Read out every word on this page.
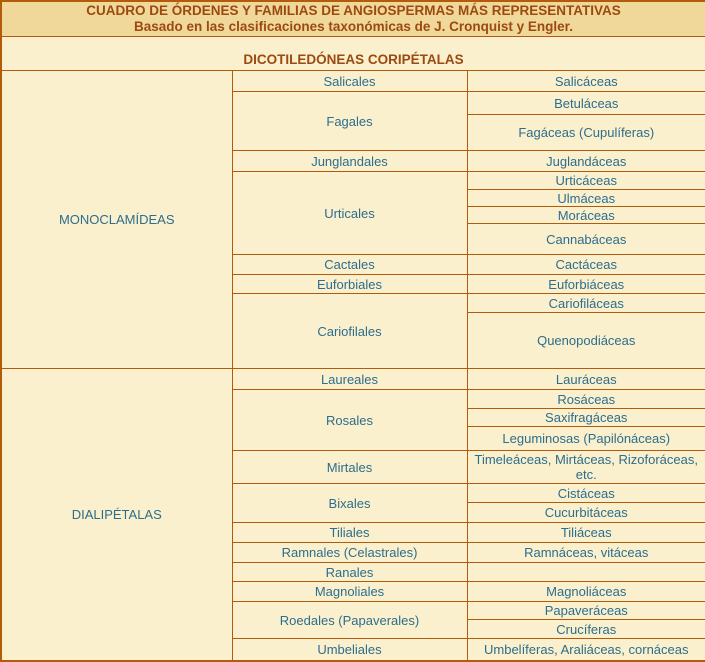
CUADRO DE ÓRDENES Y FAMILIAS DE ANGIOSPERMAS MÁS REPRESENTATIVAS
Basado en las clasificaciones taxonómicas de J. Cronquist y Engler.		

DICOTILEDÓNEAS CORIPÉTALAS		
MONOCLAMÍDEAS	Salicales	Salicáceas
	Fagales	Betuláceas
		Fagáceas (Cupulíferas)
	Junglandales	Juglandáceas
	Urticales	Urticáceas
		Ulmáceas
		Moráceas
		Cannabáceas
	Cactales	Cactáceas
	Euforbiales	Euforbiáceas
	Cariofilales	Cariofiláceas
		Quenopodiáceas
DIALIPÉTALAS	Laureales	Lauráceas
	Rosales	Rosáceas
		Saxifragáceas
		Leguminosas (Papilónáceas)
	Mirtales	Timeleáceas, Mirtáceas, Rizoforáceas, etc.
	Bixales	Cistáceas
		Cucurbitáceas
	Tiliales	Tiliáceas
	Ramnales (Celastrales)	Ramnáceas, vitáceas
	Ranales	
	Magnoliales	Magnoliáceas
	Roedales (Papaverales)	Papaveráceas
		Crucíferas
	Umbeliales	Umbelíferas, Araliáceas, cornáceas
